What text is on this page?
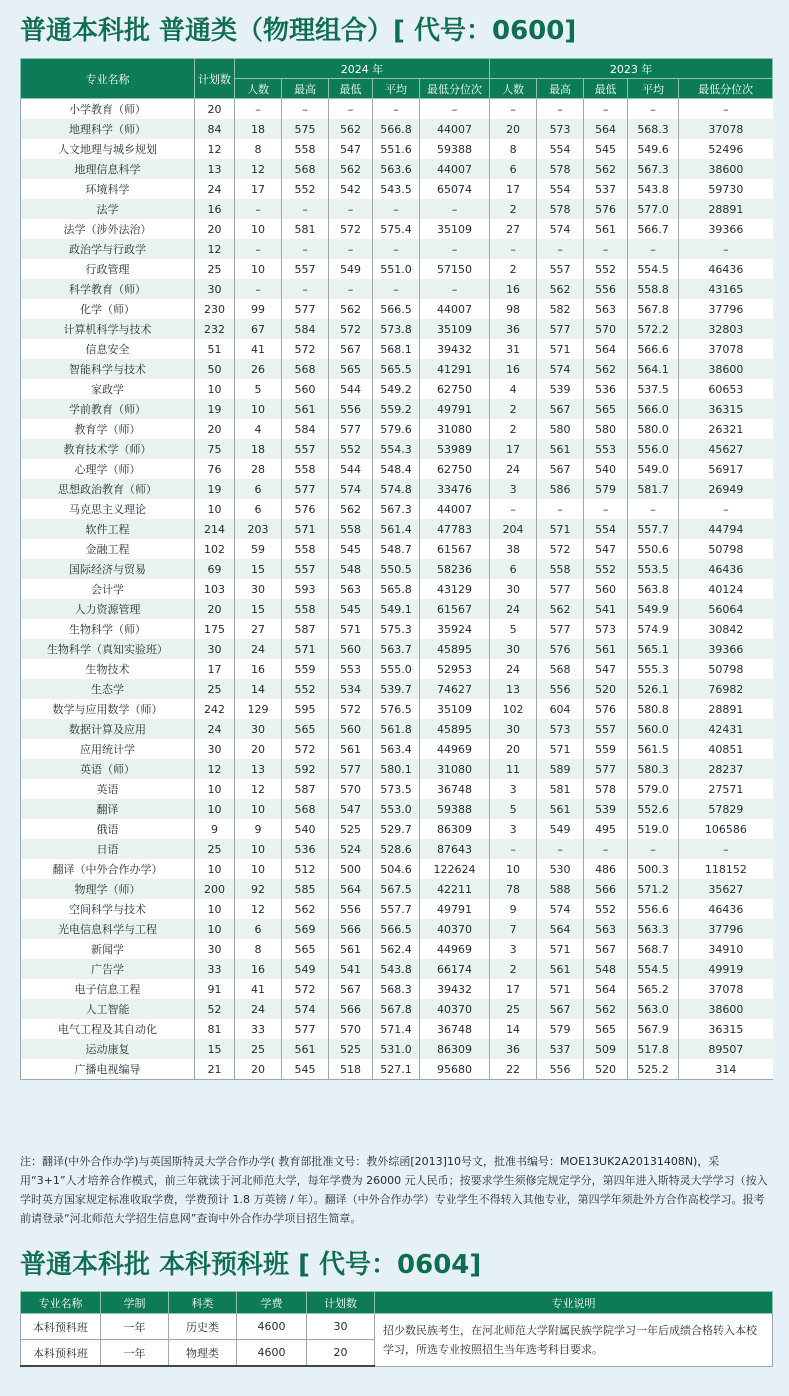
普通本科批 普通类（物理组合）[ 代号：0600]
专业名称	计划数	2024 年					2023 年				
		人数	最高	最低	平均	最低分位次	人数	最高	最低	平均	最低分位次
小学教育（师）	20	–	–	–	–	–	–	–	–	–	–
地理科学（师）	84	18	575	562	566.8	44007	20	573	564	568.3	37078
人文地理与城乡规划	12	8	558	547	551.6	59388	8	554	545	549.6	52496
地理信息科学	13	12	568	562	563.6	44007	6	578	562	567.3	38600
环境科学	24	17	552	542	543.5	65074	17	554	537	543.8	59730
法学	16	–	–	–	–	–	2	578	576	577.0	28891
法学（涉外法治）	20	10	581	572	575.4	35109	27	574	561	566.7	39366
政治学与行政学	12	–	–	–	–	–	–	–	–	–	–
行政管理	25	10	557	549	551.0	57150	2	557	552	554.5	46436
科学教育（师）	30	–	–	–	–	–	16	562	556	558.8	43165
化学（师）	230	99	577	562	566.5	44007	98	582	563	567.8	37796
计算机科学与技术	232	67	584	572	573.8	35109	36	577	570	572.2	32803
信息安全	51	41	572	567	568.1	39432	31	571	564	566.6	37078
智能科学与技术	50	26	568	565	565.5	41291	16	574	562	564.1	38600
家政学	10	5	560	544	549.2	62750	4	539	536	537.5	60653
学前教育（师）	19	10	561	556	559.2	49791	2	567	565	566.0	36315
教育学（师）	20	4	584	577	579.6	31080	2	580	580	580.0	26321
教育技术学（师）	75	18	557	552	554.3	53989	17	561	553	556.0	45627
心理学（师）	76	28	558	544	548.4	62750	24	567	540	549.0	56917
思想政治教育（师）	19	6	577	574	574.8	33476	3	586	579	581.7	26949
马克思主义理论	10	6	576	562	567.3	44007	–	–	–	–	–
软件工程	214	203	571	558	561.4	47783	204	571	554	557.7	44794
金融工程	102	59	558	545	548.7	61567	38	572	547	550.6	50798
国际经济与贸易	69	15	557	548	550.5	58236	6	558	552	553.5	46436
会计学	103	30	593	563	565.8	43129	30	577	560	563.8	40124
人力资源管理	20	15	558	545	549.1	61567	24	562	541	549.9	56064
生物科学（师）	175	27	587	571	575.3	35924	5	577	573	574.9	30842
生物科学（真知实验班）	30	24	571	560	563.7	45895	30	576	561	565.1	39366
生物技术	17	16	559	553	555.0	52953	24	568	547	555.3	50798
生态学	25	14	552	534	539.7	74627	13	556	520	526.1	76982
数学与应用数学（师）	242	129	595	572	576.5	35109	102	604	576	580.8	28891
数据计算及应用	24	30	565	560	561.8	45895	30	573	557	560.0	42431
应用统计学	30	20	572	561	563.4	44969	20	571	559	561.5	40851
英语（师）	12	13	592	577	580.1	31080	11	589	577	580.3	28237
英语	10	12	587	570	573.5	36748	3	581	578	579.0	27571
翻译	10	10	568	547	553.0	59388	5	561	539	552.6	57829
俄语	9	9	540	525	529.7	86309	3	549	495	519.0	106586
日语	25	10	536	524	528.6	87643	–	–	–	–	–
翻译（中外合作办学）	10	10	512	500	504.6	122624	10	530	486	500.3	118152
物理学（师）	200	92	585	564	567.5	42211	78	588	566	571.2	35627
空间科学与技术	10	12	562	556	557.7	49791	9	574	552	556.6	46436
光电信息科学与工程	10	6	569	566	566.5	40370	7	564	563	563.3	37796
新闻学	30	8	565	561	562.4	44969	3	571	567	568.7	34910
广告学	33	16	549	541	543.8	66174	2	561	548	554.5	49919
电子信息工程	91	41	572	567	568.3	39432	17	571	564	565.2	37078
人工智能	52	24	574	566	567.8	40370	25	567	562	563.0	38600
电气工程及其自动化	81	33	577	570	571.4	36748	14	579	565	567.9	36315
运动康复	15	25	561	525	531.0	86309	36	537	509	517.8	89507
广播电视编导	21	20	545	518	527.1	95680	22	556	520	525.2	314
注：翻译(中外合作办学)与英国斯特灵大学合作办学( 教育部批准文号：教外综函[2013]10号文，批准书编号：MOE13UK2A20131408N)，采用“3+1”人才培养合作模式，前三年就读于河北师范大学，每年学费为 26000 元人民币；按要求学生须修完规定学分，第四年进入斯特灵大学学习（按入学时英方国家规定标准收取学费，学费预计 1.8 万英镑 / 年）。翻译（中外合作办学）专业学生不得转入其他专业，第四学年须赴外方合作高校学习。报考前请登录“河北师范大学招生信息网”查询中外合作办学项目招生简章。
普通本科批 本科预科班 [ 代号：0604]
专业名称	学制	科类	学费	计划数	专业说明
本科预科班	一年	历史类	4600	30	招少数民族考生，在河北师范大学附属民族学院学习一年后成绩合格转入本校学习，所选专业按照招生当年选考科目要求。
本科预科班	一年	物理类	4600	20	
